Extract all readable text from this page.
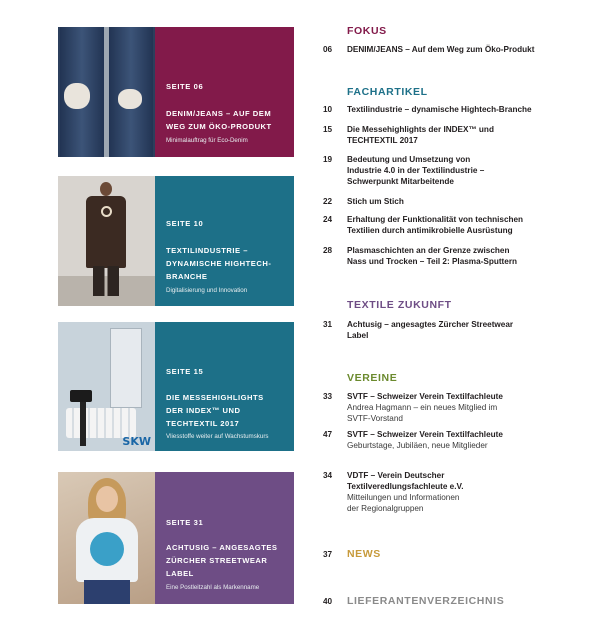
SEITE 06
DENIM/JEANS – AUF DEM
WEG ZUM ÖKO-PRODUKT
Minimalauftrag für Eco-Denim
SEITE 10
TEXTILINDUSTRIE –
DYNAMISCHE HIGHTECH-
BRANCHE
Digitalisierung und Innovation
SKW
SEITE 15
DIE MESSEHIGHLIGHTS
DER INDEX™ UND
TECHTEXTIL 2017
Vliesstoffe weiter auf Wachstumskurs
SEITE 31
ACHTUSIG – ANGESAGTES
ZÜRCHER STREETWEAR
LABEL
Eine Postleitzahl als Markenname
FOKUS
06	DENIM/JEANS – Auf dem Weg zum Öko-Produkt
FACHARTIKEL
10	Textilindustrie – dynamische Hightech-Branche
15	Die Messehighlights der INDEX™ und
TECHTEXTIL 2017
19	Bedeutung und Umsetzung von
Industrie 4.0 in der Textilindustrie –
Schwerpunkt Mitarbeitende
22	Stich um Stich
24	Erhaltung der Funktionalität von technischen
Textilien durch antimikrobielle Ausrüstung
28	Plasmaschichten an der Grenze zwischen
Nass und Trocken – Teil 2: Plasma-Sputtern
TEXTILE ZUKUNFT
31	Achtusig – angesagtes Zürcher Streetwear
Label
VEREINE
33	SVTF – Schweizer Verein Textilfachleute
Andrea Hagmann – ein neues Mitglied im
SVTF-Vorstand
47	SVTF – Schweizer Verein Textilfachleute
Geburtstage, Jubiläen, neue Mitglieder
34	VDTF – Verein Deutscher
Textilveredlungsfachleute e.V.
Mitteilungen und Informationen
der Regionalgruppen
37 NEWS
40 LIEFERANTENVERZEICHNIS
